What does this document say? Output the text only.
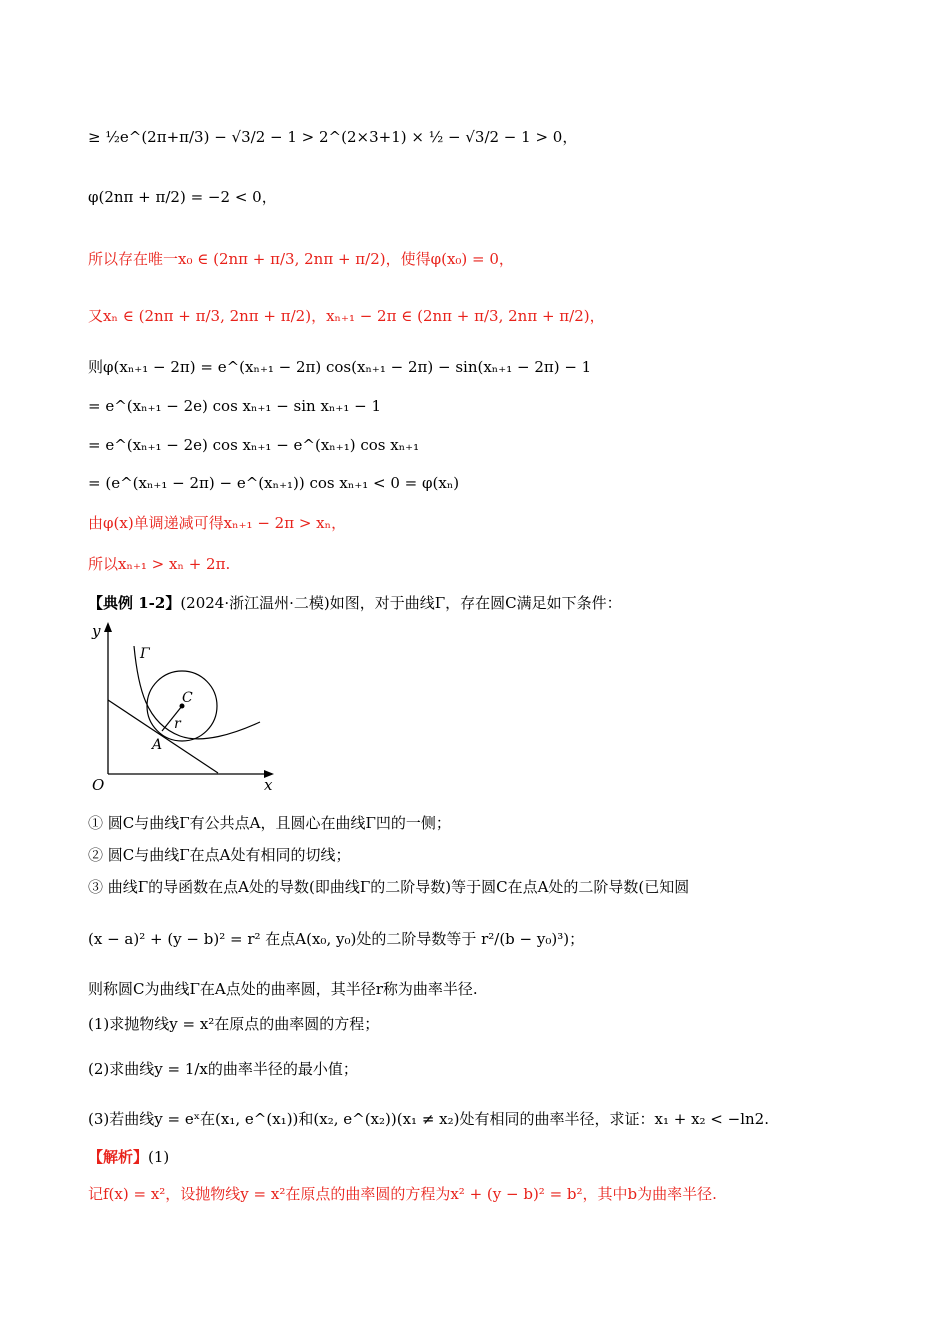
≥ ½e^(2π+π/3) − √3/2 − 1 > 2^(2×3+1) × ½ − √3/2 − 1 > 0，
φ(2nπ + π/2) = −2 < 0，
所以存在唯一x₀ ∈ (2nπ + π/3, 2nπ + π/2)，使得φ(x₀) = 0，
又xₙ ∈ (2nπ + π/3, 2nπ + π/2)，xₙ₊₁ − 2π ∈ (2nπ + π/3, 2nπ + π/2)，
则φ(xₙ₊₁ − 2π) = e^(xₙ₊₁ − 2π) cos(xₙ₊₁ − 2π) − sin(xₙ₊₁ − 2π) − 1
= e^(xₙ₊₁ − 2e) cos xₙ₊₁ − sin xₙ₊₁ − 1
= e^(xₙ₊₁ − 2e) cos xₙ₊₁ − e^(xₙ₊₁) cos xₙ₊₁
= (e^(xₙ₊₁ − 2π) − e^(xₙ₊₁)) cos xₙ₊₁ < 0 = φ(xₙ)
由φ(x)单调递减可得xₙ₊₁ − 2π > xₙ，
所以xₙ₊₁ > xₙ + 2π.
【典例 1-2】(2024·浙江温州·二模)如图，对于曲线Γ，存在圆C满足如下条件：
y
x
O
Γ
C
r
A
① 圆C与曲线Γ有公共点A，且圆心在曲线Γ凹的一侧；
② 圆C与曲线Γ在点A处有相同的切线；
③ 曲线Γ的导函数在点A处的导数(即曲线Γ的二阶导数)等于圆C在点A处的二阶导数(已知圆
(x − a)² + (y − b)² = r² 在点A(x₀, y₀)处的二阶导数等于 r²/(b − y₀)³)；
则称圆C为曲线Γ在A点处的曲率圆，其半径r称为曲率半径.
(1)求抛物线y = x²在原点的曲率圆的方程；
(2)求曲线y = 1/x的曲率半径的最小值；
(3)若曲线y = eˣ在(x₁, e^(x₁))和(x₂, e^(x₂))(x₁ ≠ x₂)处有相同的曲率半径，求证：x₁ + x₂ < −ln2.
【解析】(1)
记f(x) = x²，设抛物线y = x²在原点的曲率圆的方程为x² + (y − b)² = b²，其中b为曲率半径.
